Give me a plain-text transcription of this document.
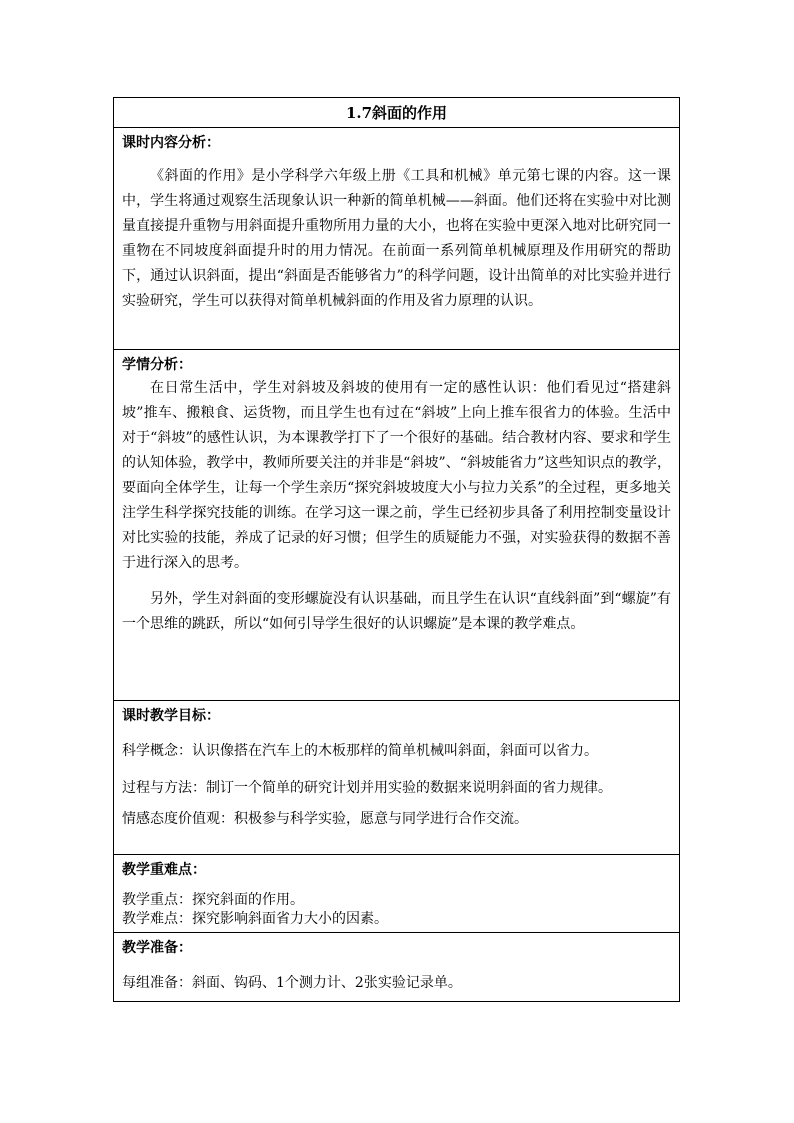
1.7斜面的作用
课时内容分析：
《斜面的作用》是小学科学六年级上册《工具和机械》单元第七课的内容。这一课中，学生将通过观察生活现象认识一种新的简单机械——斜面。他们还将在实验中对比测量直接提升重物与用斜面提升重物所用力量的大小，也将在实验中更深入地对比研究同一重物在不同坡度斜面提升时的用力情况。在前面一系列简单机械原理及作用研究的帮助下，通过认识斜面，提出“斜面是否能够省力”的科学问题，设计出简单的对比实验并进行实验研究，学生可以获得对简单机械斜面的作用及省力原理的认识。
学情分析：
在日常生活中，学生对斜坡及斜坡的使用有一定的感性认识：他们看见过“搭建斜坡”推车、搬粮食、运货物，而且学生也有过在“斜坡”上向上推车很省力的体验。生活中对于“斜坡”的感性认识，为本课教学打下了一个很好的基础。结合教材内容、要求和学生的认知体验，教学中，教师所要关注的并非是“斜坡”、“斜坡能省力”这些知识点的教学，要面向全体学生，让每一个学生亲历“探究斜坡坡度大小与拉力关系”的全过程，更多地关注学生科学探究技能的训练。在学习这一课之前，学生已经初步具备了利用控制变量设计对比实验的技能，养成了记录的好习惯；但学生的质疑能力不强，对实验获得的数据不善于进行深入的思考。
另外，学生对斜面的变形螺旋没有认识基础，而且学生在认识“直线斜面”到“螺旋”有一个思维的跳跃，所以“如何引导学生很好的认识螺旋”是本课的教学难点。
课时教学目标：
科学概念：认识像搭在汽车上的木板那样的简单机械叫斜面，斜面可以省力。
过程与方法：制订一个简单的研究计划并用实验的数据来说明斜面的省力规律。
情感态度价值观：积极参与科学实验，愿意与同学进行合作交流。
教学重难点：
教学重点：探究斜面的作用。
教学难点：探究影响斜面省力大小的因素。
教学准备：
每组准备：斜面、钩码、1个测力计、2张实验记录单。
